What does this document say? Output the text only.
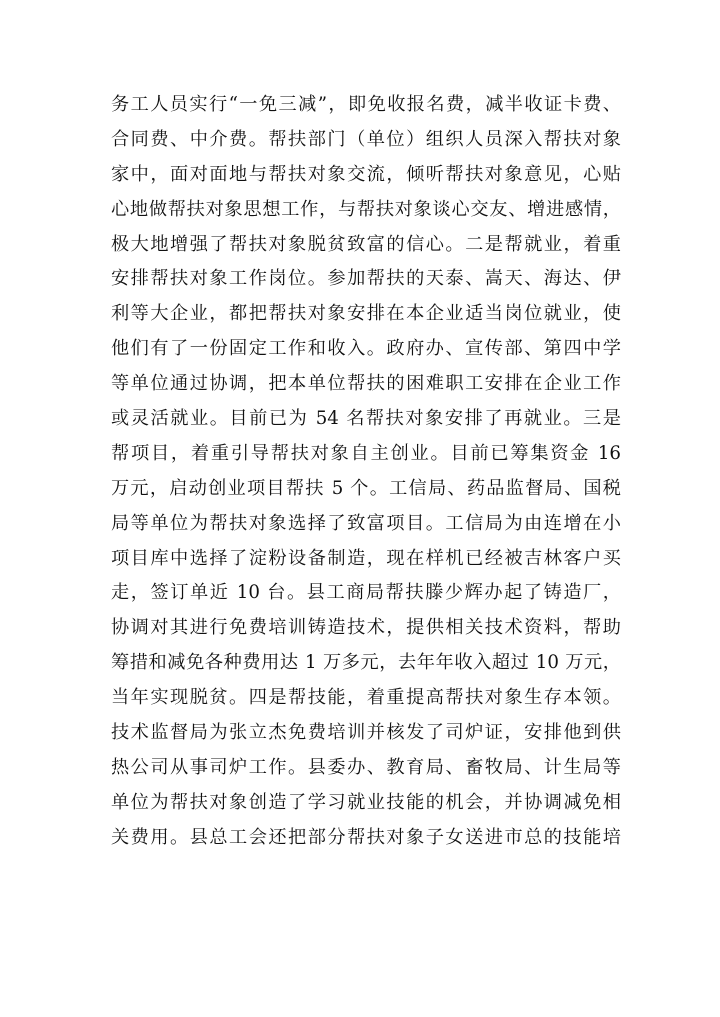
务工人员实行“一免三减”，即免收报名费，减半收证卡费、
合同费、中介费。帮扶部门（单位）组织人员深入帮扶对象
家中，面对面地与帮扶对象交流，倾听帮扶对象意见，心贴
心地做帮扶对象思想工作，与帮扶对象谈心交友、增进感情，
极大地增强了帮扶对象脱贫致富的信心。二是帮就业，着重
安排帮扶对象工作岗位。参加帮扶的天泰、嵩天、海达、伊
利等大企业，都把帮扶对象安排在本企业适当岗位就业，使
他们有了一份固定工作和收入。政府办、宣传部、第四中学
等单位通过协调，把本单位帮扶的困难职工安排在企业工作
或灵活就业。目前已为 54 名帮扶对象安排了再就业。三是
帮项目，着重引导帮扶对象自主创业。目前已筹集资金 16
万元，启动创业项目帮扶 5 个。工信局、药品监督局、国税
局等单位为帮扶对象选择了致富项目。工信局为由连增在小
项目库中选择了淀粉设备制造，现在样机已经被吉林客户买
走，签订单近 10 台。县工商局帮扶滕少辉办起了铸造厂，
协调对其进行免费培训铸造技术，提供相关技术资料，帮助
筹措和减免各种费用达 1 万多元，去年年收入超过 10 万元，
当年实现脱贫。四是帮技能，着重提高帮扶对象生存本领。
技术监督局为张立杰免费培训并核发了司炉证，安排他到供
热公司从事司炉工作。县委办、教育局、畜牧局、计生局等
单位为帮扶对象创造了学习就业技能的机会，并协调减免相
关费用。县总工会还把部分帮扶对象子女送进市总的技能培
